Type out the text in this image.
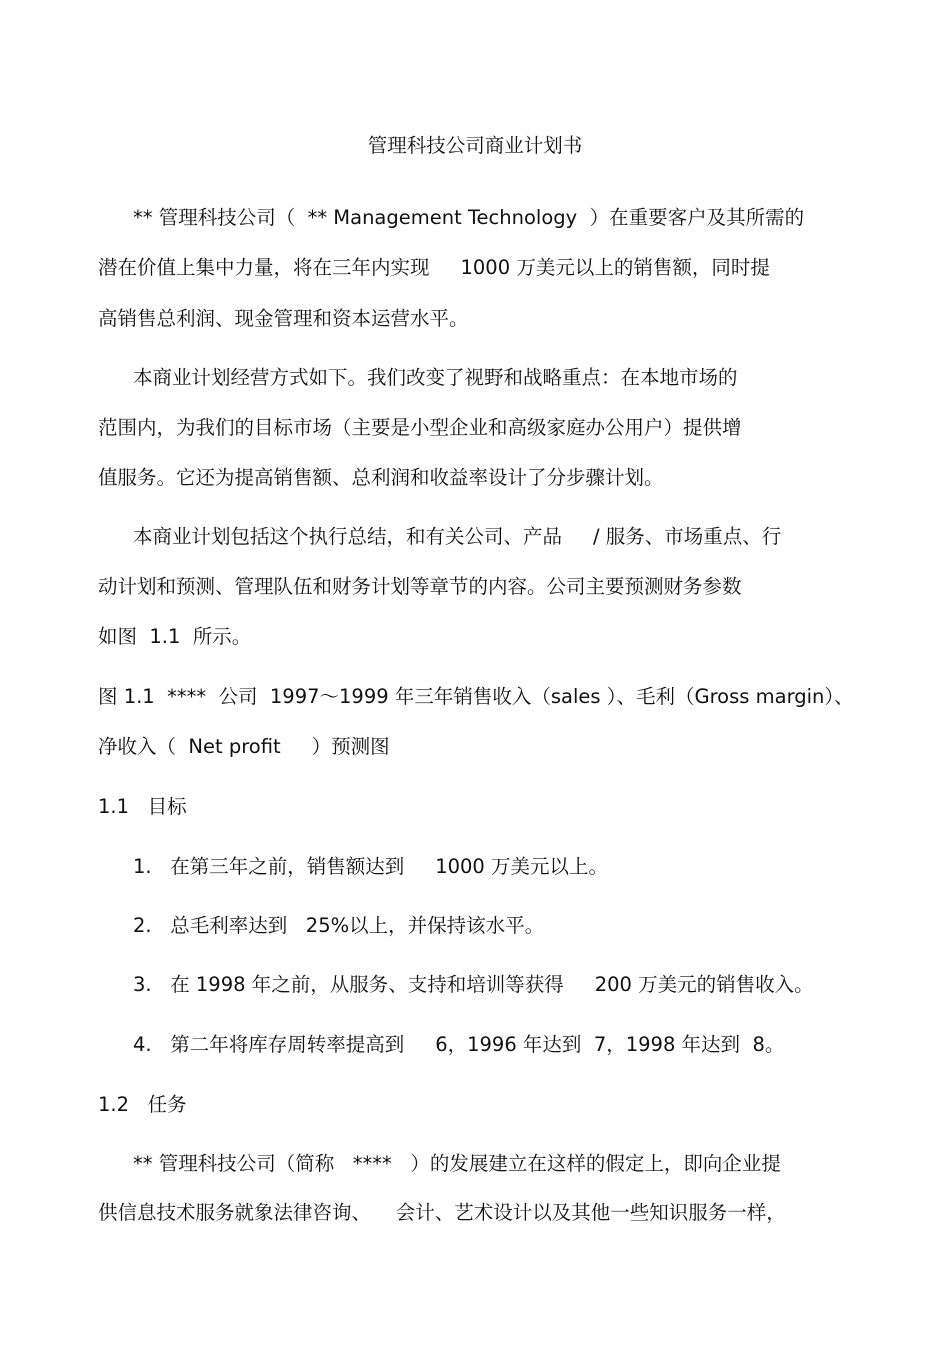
管理科技公司商业计划书
** 管理科技公司（  ** Management Technology  ）在重要客户及其所需的
潜在价值上集中力量，将在三年内实现     1000 万美元以上的销售额，同时提
高销售总利润、现金管理和资本运营水平。
本商业计划经营方式如下。我们改变了视野和战略重点：在本地市场的
范围内，为我们的目标市场（主要是小型企业和高级家庭办公用户）提供增
值服务。它还为提高销售额、总利润和收益率设计了分步骤计划。
本商业计划包括这个执行总结，和有关公司、产品     / 服务、市场重点、行
动计划和预测、管理队伍和财务计划等章节的内容。公司主要预测财务参数
如图  1.1  所示。
图 1.1  ****  公司  1997～1999 年三年销售收入（sales ）、毛利（Gross margin）、
净收入（  Net profit     ）预测图
1.1   目标
1.   在第三年之前，销售额达到     1000 万美元以上。
2.   总毛利率达到   25%以上，并保持该水平。
3.   在 1998 年之前，从服务、支持和培训等获得     200 万美元的销售收入。
4.   第二年将库存周转率提高到     6，1996 年达到  7，1998 年达到  8。
1.2   任务
** 管理科技公司（简称   ****   ）的发展建立在这样的假定上，即向企业提
供信息技术服务就象法律咨询、    会计、艺术设计以及其他一些知识服务一样，
